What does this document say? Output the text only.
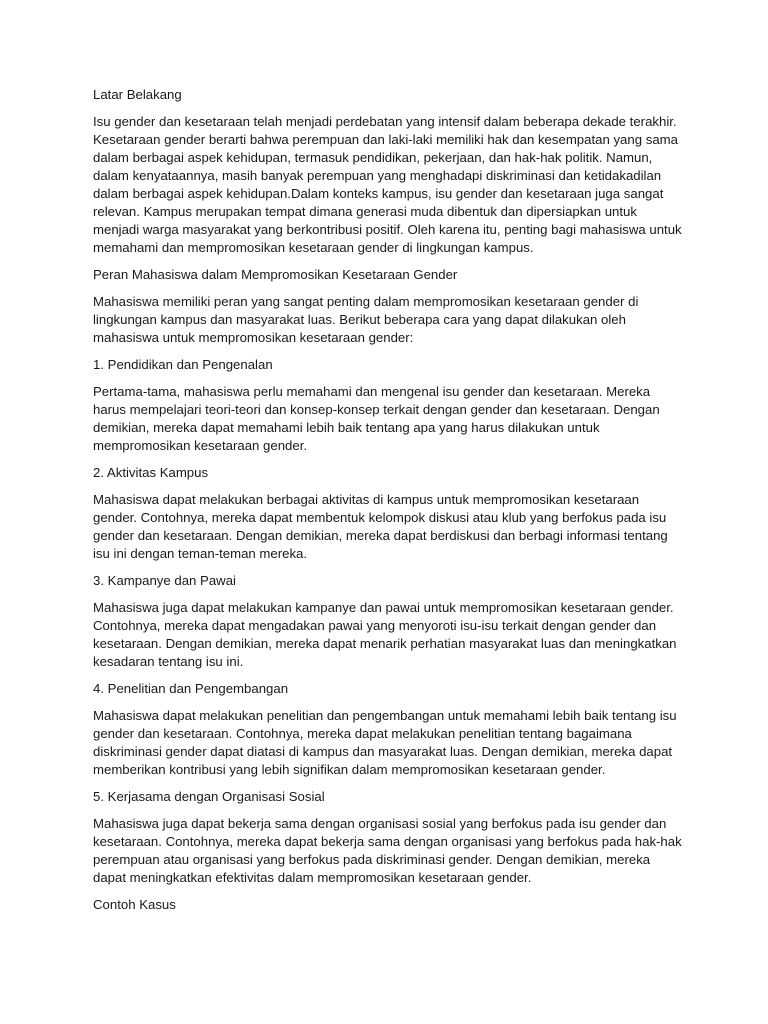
Latar Belakang

Isu gender dan kesetaraan telah menjadi perdebatan yang intensif dalam beberapa dekade terakhir. Kesetaraan gender berarti bahwa perempuan dan laki-laki memiliki hak dan kesempatan yang sama dalam berbagai aspek kehidupan, termasuk pendidikan, pekerjaan, dan hak-hak politik. Namun, dalam kenyataannya, masih banyak perempuan yang menghadapi diskriminasi dan ketidakadilan dalam berbagai aspek kehidupan.Dalam konteks kampus, isu gender dan kesetaraan juga sangat relevan. Kampus merupakan tempat dimana generasi muda dibentuk dan dipersiapkan untuk menjadi warga masyarakat yang berkontribusi positif. Oleh karena itu, penting bagi mahasiswa untuk memahami dan mempromosikan kesetaraan gender di lingkungan kampus.

Peran Mahasiswa dalam Mempromosikan Kesetaraan Gender

Mahasiswa memiliki peran yang sangat penting dalam mempromosikan kesetaraan gender di lingkungan kampus dan masyarakat luas. Berikut beberapa cara yang dapat dilakukan oleh mahasiswa untuk mempromosikan kesetaraan gender:

1. Pendidikan dan Pengenalan

Pertama-tama, mahasiswa perlu memahami dan mengenal isu gender dan kesetaraan. Mereka harus mempelajari teori-teori dan konsep-konsep terkait dengan gender dan kesetaraan. Dengan demikian, mereka dapat memahami lebih baik tentang apa yang harus dilakukan untuk mempromosikan kesetaraan gender.

2. Aktivitas Kampus

Mahasiswa dapat melakukan berbagai aktivitas di kampus untuk mempromosikan kesetaraan gender. Contohnya, mereka dapat membentuk kelompok diskusi atau klub yang berfokus pada isu gender dan kesetaraan. Dengan demikian, mereka dapat berdiskusi dan berbagi informasi tentang isu ini dengan teman-teman mereka.

3. Kampanye dan Pawai

Mahasiswa juga dapat melakukan kampanye dan pawai untuk mempromosikan kesetaraan gender. Contohnya, mereka dapat mengadakan pawai yang menyoroti isu-isu terkait dengan gender dan kesetaraan. Dengan demikian, mereka dapat menarik perhatian masyarakat luas dan meningkatkan kesadaran tentang isu ini.

4. Penelitian dan Pengembangan

Mahasiswa dapat melakukan penelitian dan pengembangan untuk memahami lebih baik tentang isu gender dan kesetaraan. Contohnya, mereka dapat melakukan penelitian tentang bagaimana diskriminasi gender dapat diatasi di kampus dan masyarakat luas. Dengan demikian, mereka dapat memberikan kontribusi yang lebih signifikan dalam mempromosikan kesetaraan gender.

5. Kerjasama dengan Organisasi Sosial

Mahasiswa juga dapat bekerja sama dengan organisasi sosial yang berfokus pada isu gender dan kesetaraan. Contohnya, mereka dapat bekerja sama dengan organisasi yang berfokus pada hak-hak perempuan atau organisasi yang berfokus pada diskriminasi gender. Dengan demikian, mereka dapat meningkatkan efektivitas dalam mempromosikan kesetaraan gender.

Contoh Kasus
